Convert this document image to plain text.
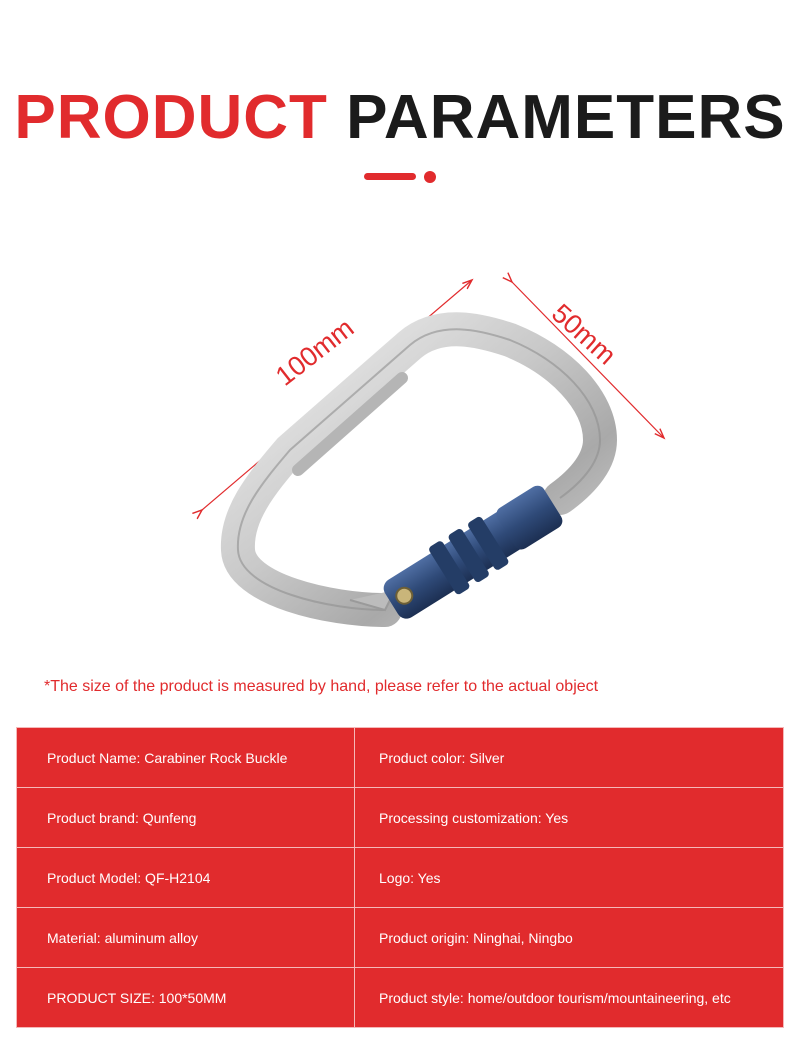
PRODUCT PARAMETERS
100mm	50mm
*The size of the product is measured by hand, please refer to the actual object
Product Name: Carabiner Rock Buckle	Product color: Silver
Product brand: Qunfeng	Processing customization: Yes
Product Model: QF-H2104	Logo: Yes
Material: aluminum alloy	Product origin: Ninghai, Ningbo
PRODUCT SIZE: 100*50MM	Product style: home/outdoor tourism/mountaineering, etc
